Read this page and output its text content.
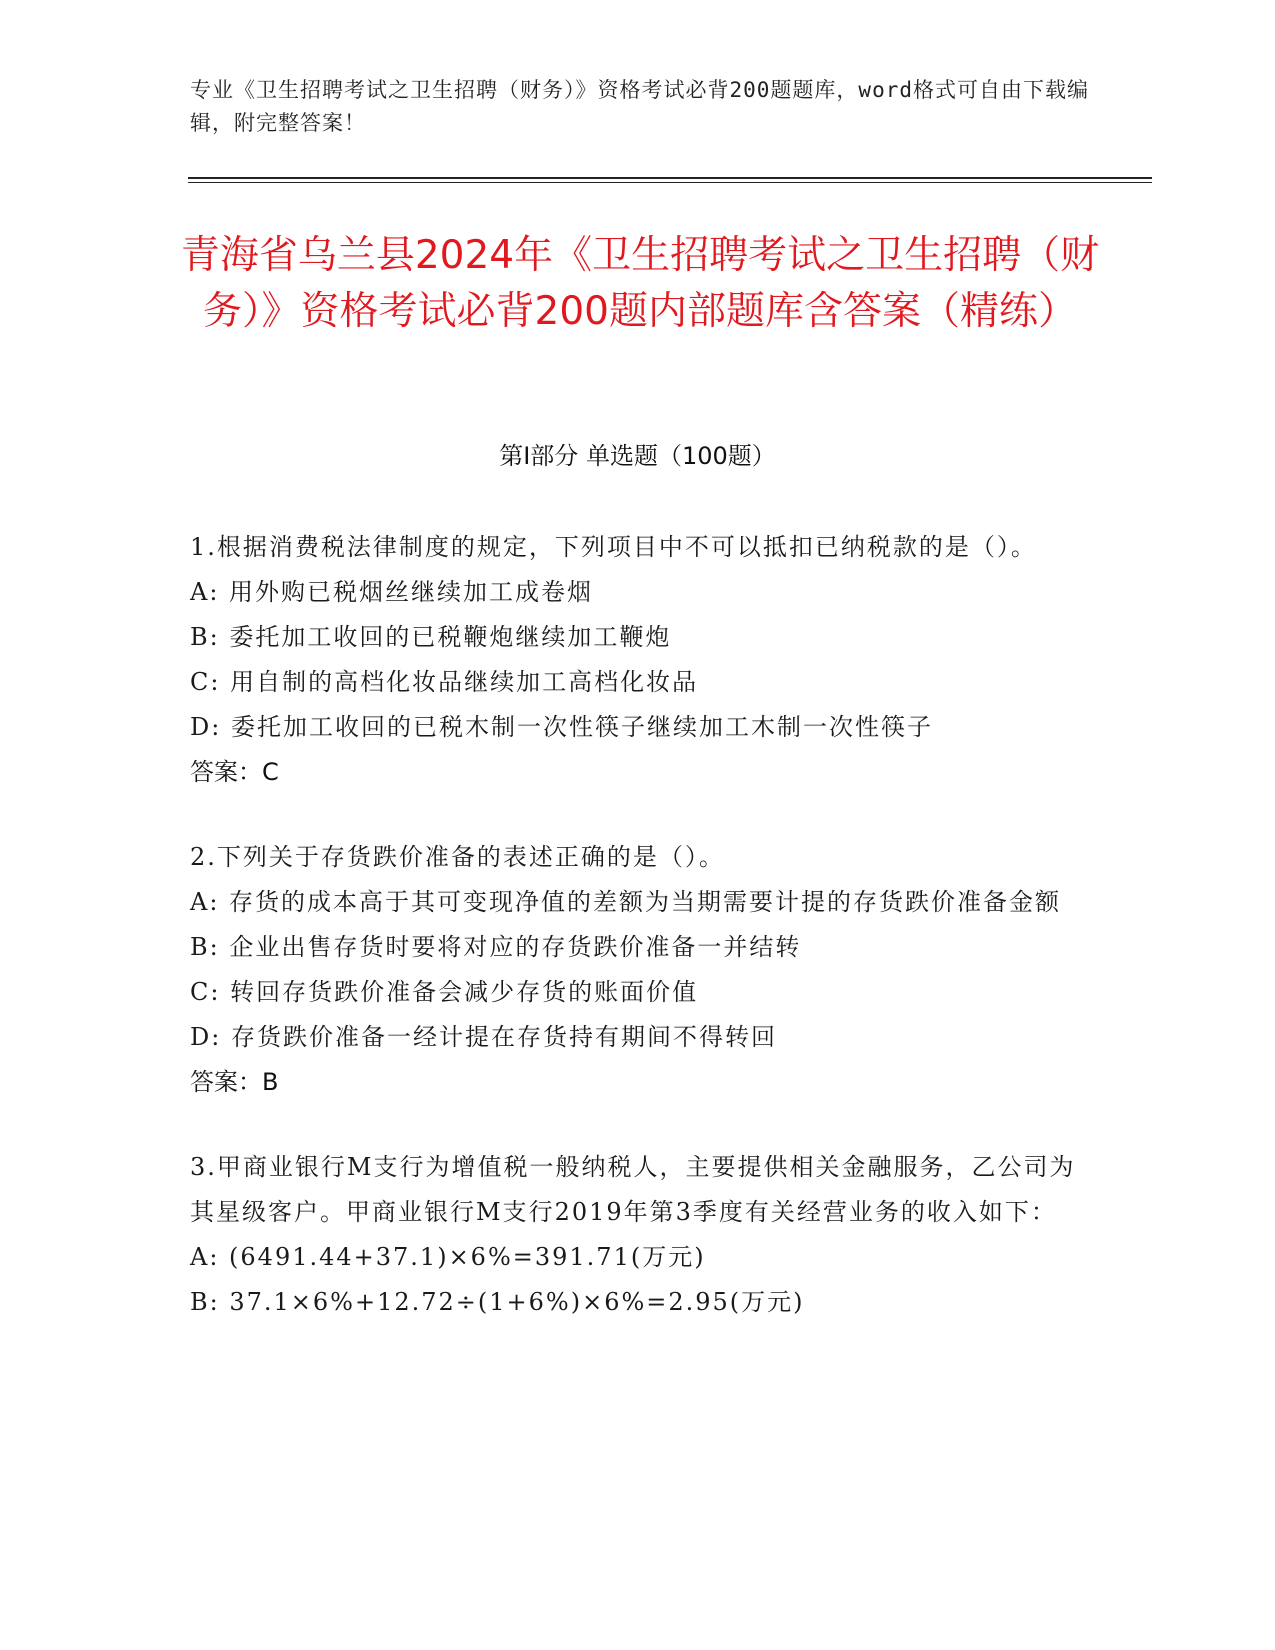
专业《卫生招聘考试之卫生招聘（财务）》资格考试必背200题题库，word格式可自由下载编辑，附完整答案！
青海省乌兰县2024年《卫生招聘考试之卫生招聘（财务）》资格考试必背200题内部题库含答案（精练）
第Ⅰ部分 单选题（100题）

1.根据消费税法律制度的规定，下列项目中不可以抵扣已纳税款的是（）。

A: 用外购已税烟丝继续加工成卷烟

B: 委托加工收回的已税鞭炮继续加工鞭炮

C: 用自制的高档化妆品继续加工高档化妆品

D: 委托加工收回的已税木制一次性筷子继续加工木制一次性筷子

答案：C

2.下列关于存货跌价准备的表述正确的是（）。

A: 存货的成本高于其可变现净值的差额为当期需要计提的存货跌价准备金额

B: 企业出售存货时要将对应的存货跌价准备一并结转

C: 转回存货跌价准备会减少存货的账面价值

D: 存货跌价准备一经计提在存货持有期间不得转回

答案：B

3.甲商业银行M支行为增值税一般纳税人，主要提供相关金融服务，乙公司为其星级客户。甲商业银行M支行2019年第3季度有关经营业务的收入如下：

A: (6491.44+37.1)×6%=391.71(万元)

B: 37.1×6%+12.72÷(1+6%)×6%=2.95(万元)
